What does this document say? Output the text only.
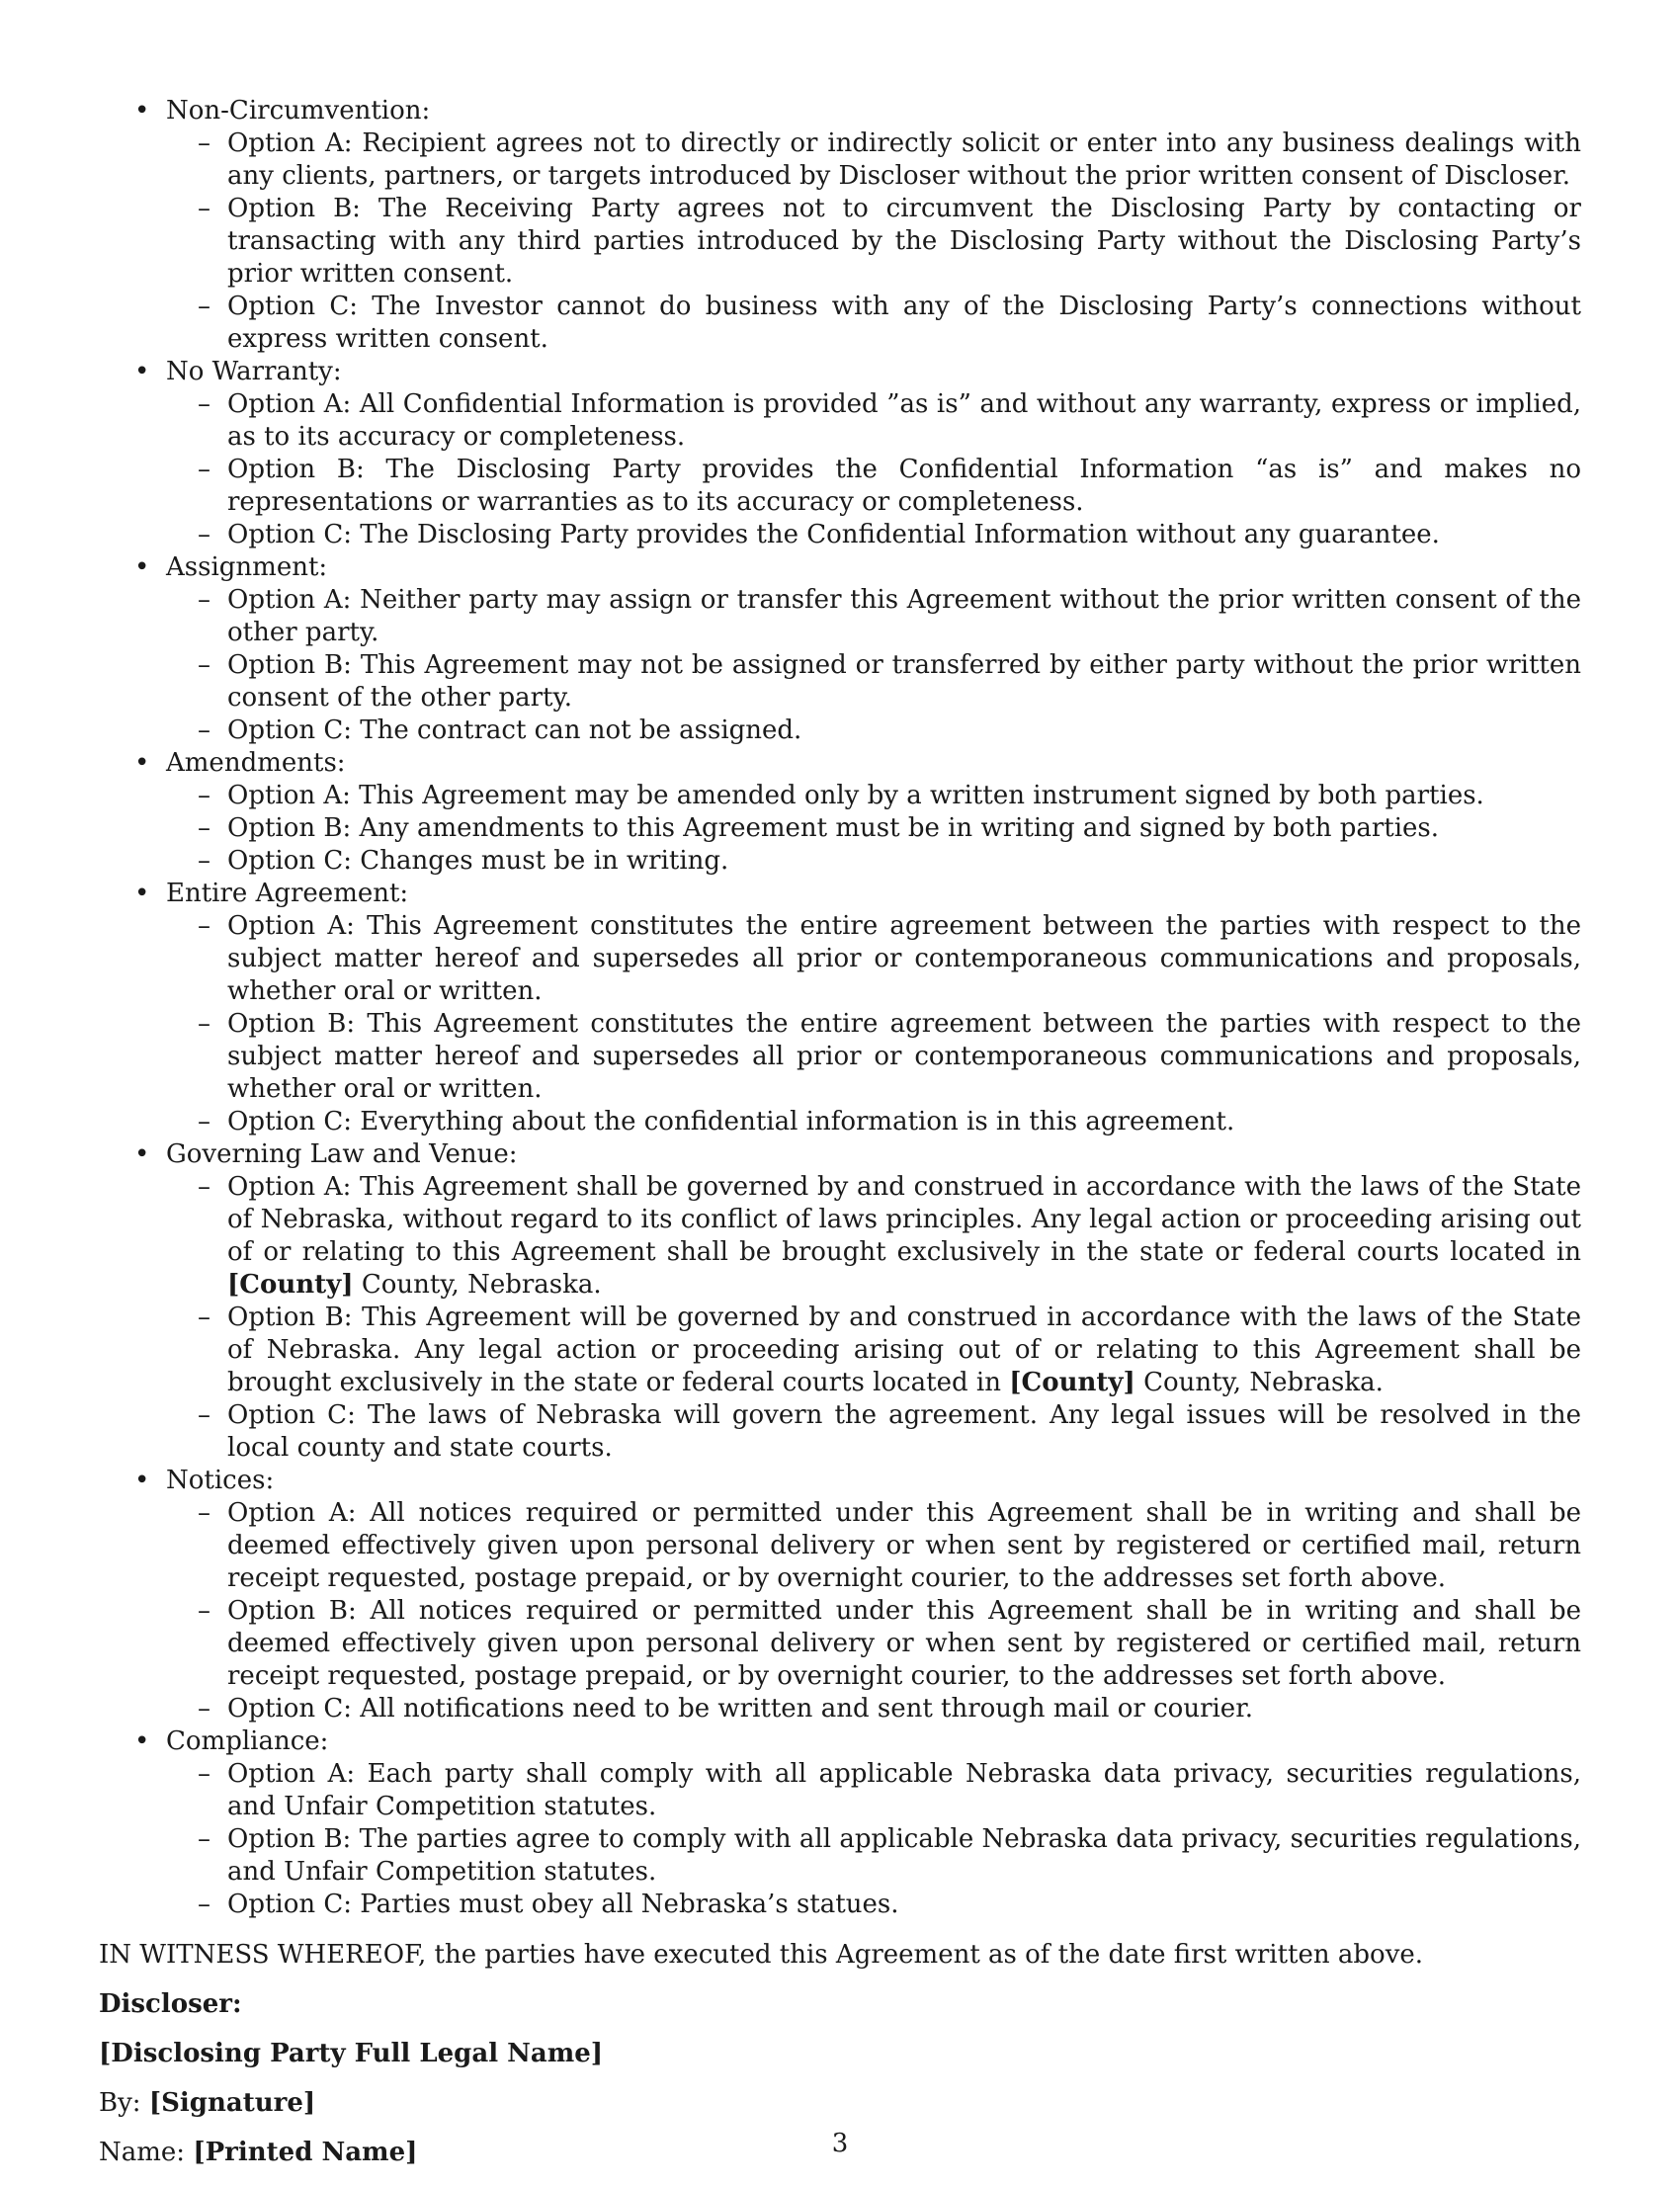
• Non-Circumvention:
– Option A: Recipient agrees not to directly or indirectly solicit or enter into any business dealings with any clients, partners, or targets introduced by Discloser without the prior written consent of Discloser.
– Option B: The Receiving Party agrees not to circumvent the Disclosing Party by contacting or transacting with any third parties introduced by the Disclosing Party without the Disclosing Party’s prior written consent.
– Option C: The Investor cannot do business with any of the Disclosing Party’s connections without express written consent.
• No Warranty:
– Option A: All Confidential Information is provided ”as is” and without any warranty, express or implied, as to its accuracy or completeness.
– Option B: The Disclosing Party provides the Confidential Information “as is” and makes no representations or warranties as to its accuracy or completeness.
– Option C: The Disclosing Party provides the Confidential Information without any guarantee.
• Assignment:
– Option A: Neither party may assign or transfer this Agreement without the prior written consent of the other party.
– Option B: This Agreement may not be assigned or transferred by either party without the prior written consent of the other party.
– Option C: The contract can not be assigned.
• Amendments:
– Option A: This Agreement may be amended only by a written instrument signed by both parties.
– Option B: Any amendments to this Agreement must be in writing and signed by both parties.
– Option C: Changes must be in writing.
• Entire Agreement:
– Option A: This Agreement constitutes the entire agreement between the parties with respect to the subject matter hereof and supersedes all prior or contemporaneous communications and proposals, whether oral or written.
– Option B: This Agreement constitutes the entire agreement between the parties with respect to the subject matter hereof and supersedes all prior or contemporaneous communications and proposals, whether oral or written.
– Option C: Everything about the confidential information is in this agreement.
• Governing Law and Venue:
– Option A: This Agreement shall be governed by and construed in accordance with the laws of the State of Nebraska, without regard to its conflict of laws principles. Any legal action or proceeding arising out of or relating to this Agreement shall be brought exclusively in the state or federal courts located in [County] County, Nebraska.
– Option B: This Agreement will be governed by and construed in accordance with the laws of the State of Nebraska. Any legal action or proceeding arising out of or relating to this Agreement shall be brought exclusively in the state or federal courts located in [County] County, Nebraska.
– Option C: The laws of Nebraska will govern the agreement. Any legal issues will be resolved in the local county and state courts.
• Notices:
– Option A: All notices required or permitted under this Agreement shall be in writing and shall be deemed effectively given upon personal delivery or when sent by registered or certified mail, return receipt requested, postage prepaid, or by overnight courier, to the addresses set forth above.
– Option B: All notices required or permitted under this Agreement shall be in writing and shall be deemed effectively given upon personal delivery or when sent by registered or certified mail, return receipt requested, postage prepaid, or by overnight courier, to the addresses set forth above.
– Option C: All notifications need to be written and sent through mail or courier.
• Compliance:
– Option A: Each party shall comply with all applicable Nebraska data privacy, securities regulations, and Unfair Competition statutes.
– Option B: The parties agree to comply with all applicable Nebraska data privacy, securities regulations, and Unfair Competition statutes.
– Option C: Parties must obey all Nebraska’s statues.

IN WITNESS WHEREOF, the parties have executed this Agreement as of the date first written above.

Discloser:

[Disclosing Party Full Legal Name]

By: [Signature]

Name: [Printed Name]	3
